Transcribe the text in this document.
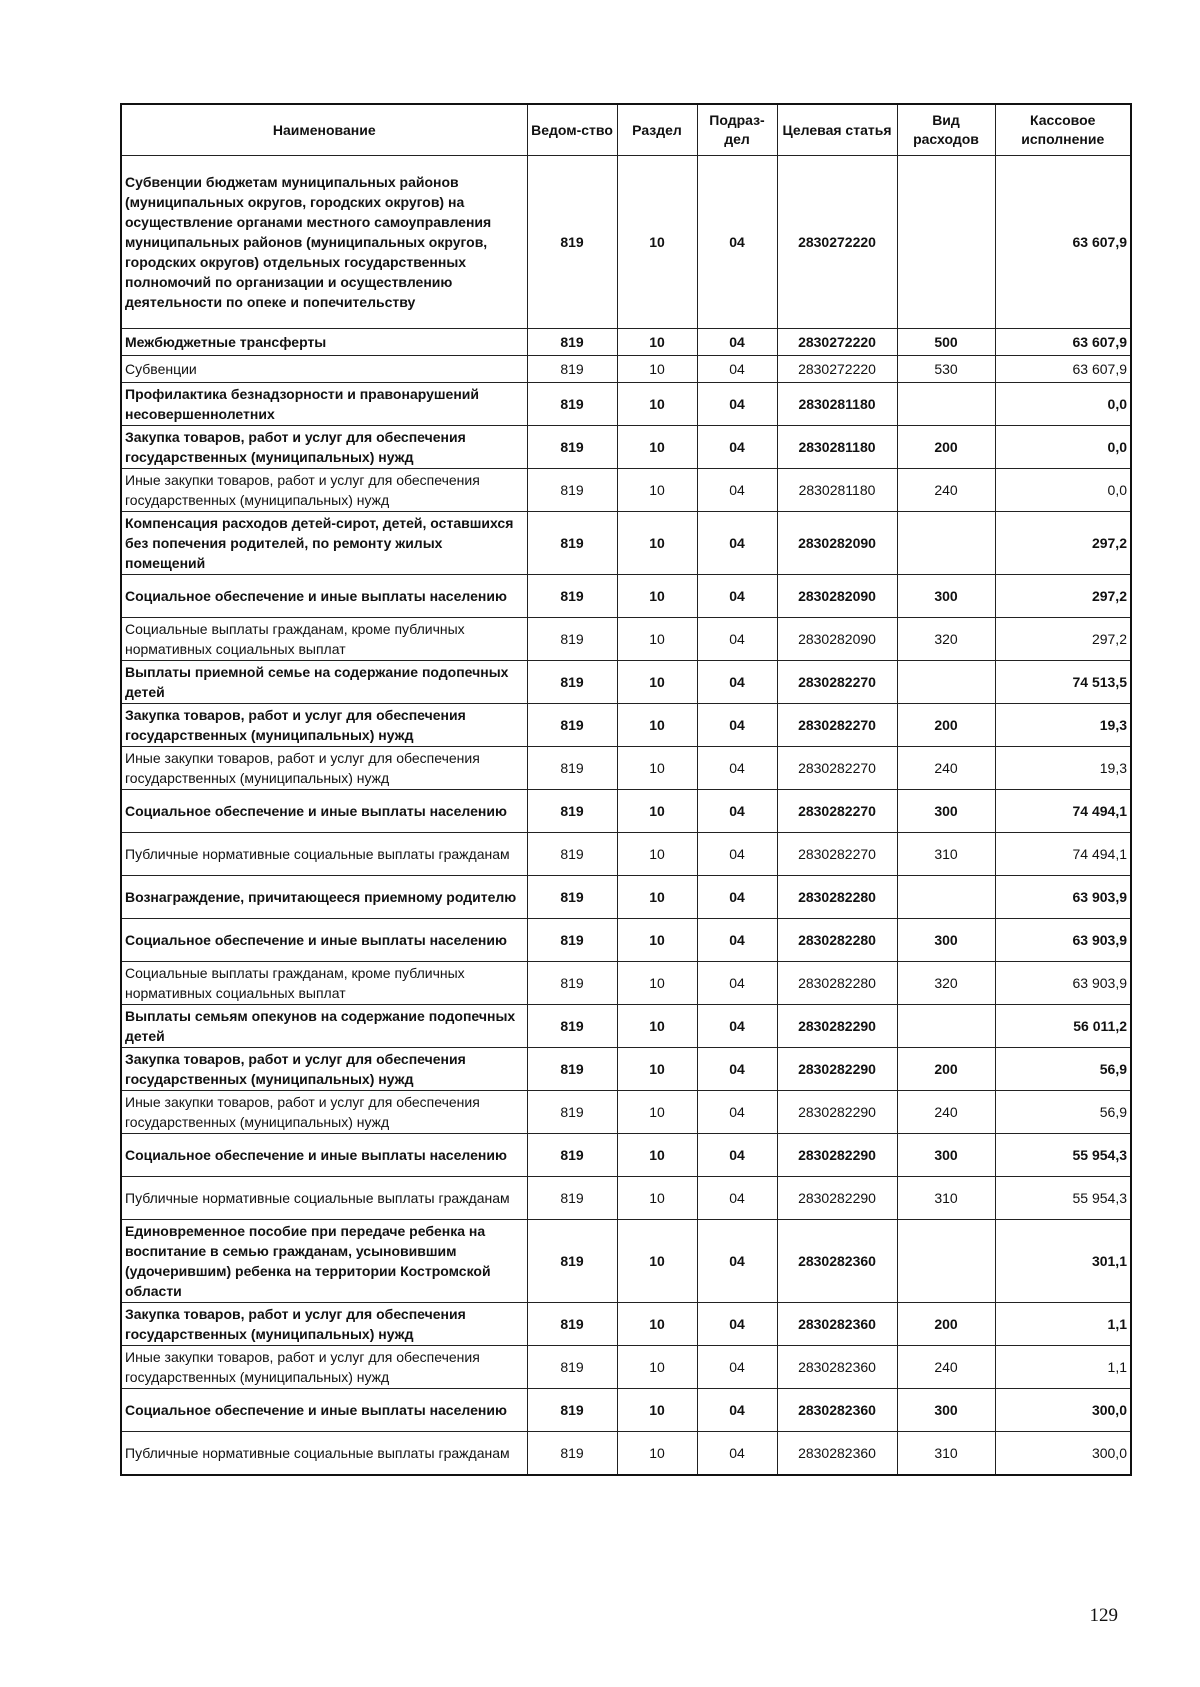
Наименование	Ведом-ство	Раздел	Подраз-дел	Целевая статья	Вид расходов	Кассовое исполнение
Субвенции бюджетам муниципальных районов (муниципальных округов, городских округов) на осуществление органами местного самоуправления муниципальных районов (муниципальных округов, городских округов) отдельных государственных полномочий по организации и осуществлению деятельности по опеке и попечительству	819	10	04	2830272220		63 607,9
Межбюджетные трансферты	819	10	04	2830272220	500	63 607,9
Субвенции	819	10	04	2830272220	530	63 607,9
Профилактика безнадзорности и правонарушений несовершеннолетних	819	10	04	2830281180		0,0
Закупка товаров, работ и услуг для обеспечения государственных (муниципальных) нужд	819	10	04	2830281180	200	0,0
Иные закупки товаров, работ и услуг для обеспечения государственных (муниципальных) нужд	819	10	04	2830281180	240	0,0
Компенсация расходов детей-сирот, детей, оставшихся без попечения родителей, по ремонту жилых помещений	819	10	04	2830282090		297,2
Социальное обеспечение и иные выплаты населению	819	10	04	2830282090	300	297,2
Социальные выплаты гражданам, кроме публичных нормативных социальных выплат	819	10	04	2830282090	320	297,2
Выплаты приемной семье на содержание подопечных детей	819	10	04	2830282270		74 513,5
Закупка товаров, работ и услуг для обеспечения государственных (муниципальных) нужд	819	10	04	2830282270	200	19,3
Иные закупки товаров, работ и услуг для обеспечения государственных (муниципальных) нужд	819	10	04	2830282270	240	19,3
Социальное обеспечение и иные выплаты населению	819	10	04	2830282270	300	74 494,1
Публичные нормативные социальные выплаты гражданам	819	10	04	2830282270	310	74 494,1
Вознаграждение, причитающееся приемному родителю	819	10	04	2830282280		63 903,9
Социальное обеспечение и иные выплаты населению	819	10	04	2830282280	300	63 903,9
Социальные выплаты гражданам, кроме публичных нормативных социальных выплат	819	10	04	2830282280	320	63 903,9
Выплаты семьям опекунов на содержание подопечных детей	819	10	04	2830282290		56 011,2
Закупка товаров, работ и услуг для обеспечения государственных (муниципальных) нужд	819	10	04	2830282290	200	56,9
Иные закупки товаров, работ и услуг для обеспечения государственных (муниципальных) нужд	819	10	04	2830282290	240	56,9
Социальное обеспечение и иные выплаты населению	819	10	04	2830282290	300	55 954,3
Публичные нормативные социальные выплаты гражданам	819	10	04	2830282290	310	55 954,3
Единовременное пособие при передаче ребенка на воспитание в семью гражданам, усыновившим (удочерившим) ребенка на территории Костромской области	819	10	04	2830282360		301,1
Закупка товаров, работ и услуг для обеспечения государственных (муниципальных) нужд	819	10	04	2830282360	200	1,1
Иные закупки товаров, работ и услуг для обеспечения государственных (муниципальных) нужд	819	10	04	2830282360	240	1,1
Социальное обеспечение и иные выплаты населению	819	10	04	2830282360	300	300,0
Публичные нормативные социальные выплаты гражданам	819	10	04	2830282360	310	300,0
129
